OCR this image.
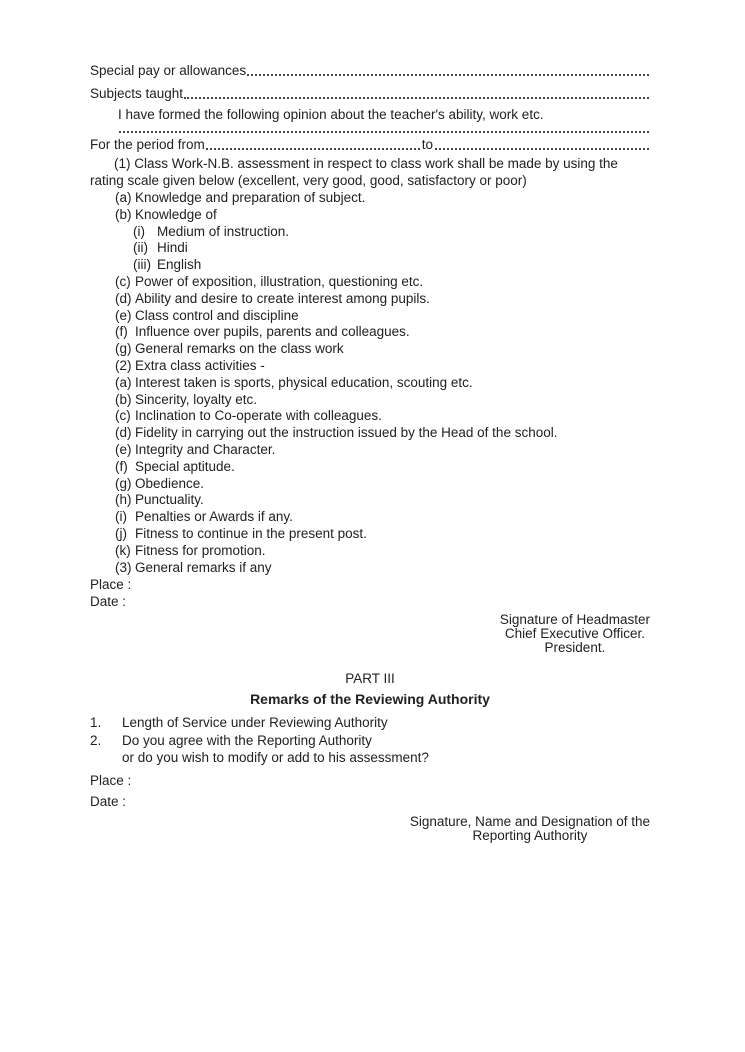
Special pay or allowances
Subjects taught

I have formed the following opinion about the teacher's ability, work etc.

For the period from	to

(1) Class Work-N.B. assessment in respect to class work shall be made by using the rating scale given below (excellent, very good, good, satisfactory or poor)

(a) Knowledge and preparation of subject.
(b) Knowledge of
(i) Medium of instruction.
(ii) Hindi
(iii) English
(c) Power of exposition, illustration, questioning etc.
(d) Ability and desire to create interest among pupils.
(e) Class control and discipline
(f) Influence over pupils, parents and colleagues.
(g) General remarks on the class work
(2) Extra class activities -
(a) Interest taken is sports, physical education, scouting etc.
(b) Sincerity, loyalty etc.
(c) Inclination to Co-operate with colleagues.
(d) Fidelity in carrying out the instruction issued by the Head of the school.
(e) Integrity and Character.
(f) Special aptitude.
(g) Obedience.
(h) Punctuality.
(i) Penalties or Awards if any.
(j) Fitness to continue in the present post.
(k) Fitness for promotion.
(3) General remarks if any
Place :
Date :
Signature of Headmaster
Chief Executive Officer.
President.
PART III
Remarks of the Reviewing Authority
1. Length of Service under Reviewing Authority
2. Do you agree with the Reporting Authority
or do you wish to modify or add to his assessment?
Place :
Date :
Signature, Name and Designation of the
Reporting Authority
